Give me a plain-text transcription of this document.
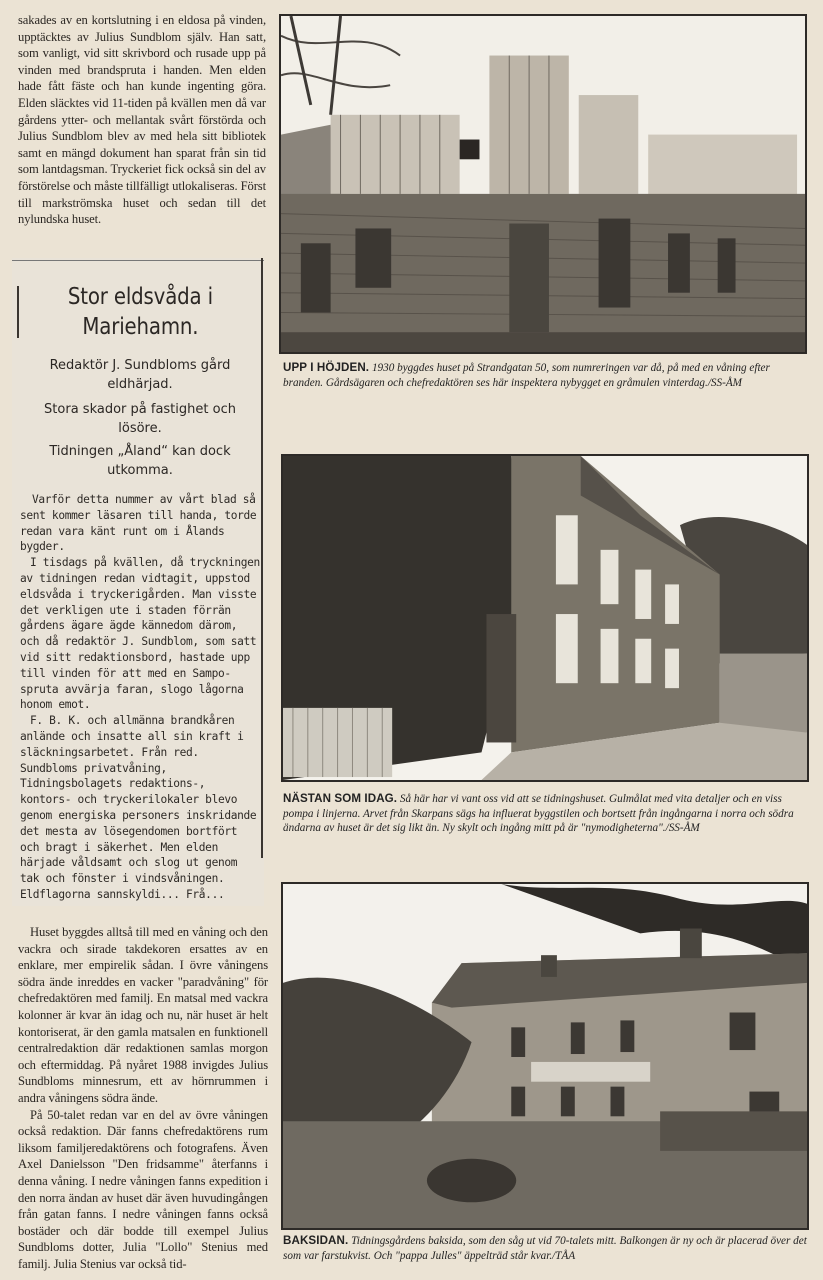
sakades av en kortslutning i en eldosa på vinden, upptäcktes av Julius Sundblom själv. Han satt, som vanligt, vid sitt skrivbord och rusade upp på vinden med brandspruta i handen. Men elden hade fått fäste och han kunde ingenting göra. Elden släcktes vid 11-tiden på kvällen men då var gårdens ytter- och mellantak svårt förstörda och Julius Sundblom blev av med hela sitt bibliotek samt en mängd dokument han sparat från sin tid som lantdagsman. Tryckeriet fick också sin del av förstörelse och måste tillfälligt utlokaliseras. Först till markströmska huset och sedan till det nylundska huset.
Stor eldsvåda i Mariehamn.
Redaktör J. Sundbloms gård eldhärjad.
Stora skador på fastighet och lösöre.
Tidningen „Åland“ kan dock utkomma.

Varför detta nummer av vårt blad så sent kommer läsaren till handa, torde redan vara känt runt om i Ålands bygder.

I tisdags på kvällen, då tryckningen av tidningen redan vidtagit, uppstod eldsvåda i tryckerigården. Man visste det verkligen ute i staden förrän gårdens ägare ägde kännedom därom, och då redaktör J. Sundblom, som satt vid sitt redaktionsbord, hastade upp till vinden för att med en Sampo-spruta avvärja faran, slogo lågorna honom emot.

F. B. K. och allmänna brandkåren anlände och insatte all sin kraft i släckningsarbetet. Från red. Sundbloms privatvåning, Tidningsbolagets redaktions-, kontors- och tryckerilokaler blevo genom energiska personers inskridande det mesta av lösegendomen bortfört och bragt i säkerhet. Men elden härjade våldsamt och slog ut genom tak och fönster i vindsvåningen. Eldflagorna sannskyldi... Frå...

Huset byggdes alltså till med en våning och den vackra och sirade takdekoren ersattes av en enklare, mer empirelik sådan. I övre våningens södra ände inreddes en vacker "paradvåning" för chefredaktören med familj. En matsal med vackra kolonner är kvar än idag och nu, när huset är helt kontoriserat, är den gamla matsalen en funktionell centralredaktion där redaktionen samlas morgon och eftermiddag. På nyåret 1988 invigdes Julius Sundbloms minnesrum, ett av hörnrummen i andra våningens södra ände.

På 50-talet redan var en del av övre våningen också redaktion. Där fanns chefredaktörens rum liksom familjeredaktörens och fotografens. Även Axel Danielsson "Den fridsamme" återfanns i denna våning. I nedre våningen fanns expedition i den norra ändan av huset där även huvudingången från gatan fanns. I nedre våningen fanns också bostäder och där bodde till exempel Julius Sundbloms dotter, Julia "Lollo" Stenius med familj. Julia Stenius var också tid-

UPP I HÖJDEN. 1930 byggdes huset på Strandgatan 50, som numreringen var då, på med en våning efter branden. Gårdsägaren och chefredaktören ses här inspektera nybygget en gråmulen vinterdag./SS-ÅM
NÄSTAN SOM IDAG. Så här har vi vant oss vid att se tidningshuset. Gulmålat med vita detaljer och en viss pompa i linjerna. Arvet från Skarpans sägs ha influerat byggstilen och bortsett från ingångarna i norra och södra ändarna av huset är det sig likt än. Ny skylt och ingång mitt på är "nymodigheterna"./SS-ÅM
BAKSIDAN. Tidningsgårdens baksida, som den såg ut vid 70-talets mitt. Balkongen är ny och är placerad över det som var farstukvist. Och "pappa Julles" äppelträd står kvar./TÅA
